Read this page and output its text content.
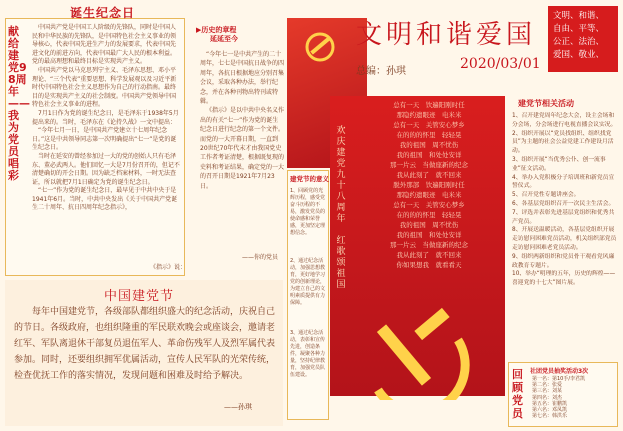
诞生纪念日
献给建党98周年——我为党员唱彩

中国共产党是中国工人阶级的先锋队，同时是中国人民和中华民族的先锋队，是中国特色社会主义事业的领导核心，代表中国先进生产力的发展要求，代表中国先进文化的前进方向，代表中国最广大人民的根本利益。党的最高理想和最终目标是实现共产主义。

中国共产党以马克思列宁主义、毛泽东思想、邓小平理论、“三个代表”重要思想、科学发展观以及习近平新时代中国特色社会主义思想作为自己的行动指南。最终目的是实现共产主义的社会制度。中国共产党领导中国特色社会主义事业的进程。

7月1日作为党的诞生纪念日，是毛泽东于1938年5月提出来的。当时，毛泽东在《论持久战》一文中提出：

“今年七月一日，是中国共产党建立十七周年纪念日。”这是中共领导同志第一次明确提出“七一”是党的诞生纪念日。

当时在延安的曾经参加过一大的党的创始人只有毛泽东、董必武两人。他们回忆一大是7月份召开的，但记不清楚确切的开会日期。因为缺乏档案材料，一时无法查证，所以就把7月1日确定为党的诞生纪念日。

“七一”作为党的诞生纪念日，最早见于中共中央于是1941年6月。当时，中共中央发出《关于中国共产党诞生二十周年、抗日四周年纪念指示》，

《指示》说：
▶历史的章程
延延至今

“今年七一是中共产生的二十周年，七七是中国抗日战争的四周年，各抗日根据地应分别召集会议，采取各种办法，举行纪念，并在各种刊物出特刊或特辑。

《指示》是以中共中央名义作出的有关“七一”作为党的诞生纪念日进行纪念的第一个文件。而党的一大开幕日期，一直到20世纪70年代末才由我国党史工作者考证清楚，根据既复现的史料和考证结果，确定党的一大的召开日期是1921年7月23日。

——你的党员
建党节的意义
1、回顾党的光辉历程，感受党奋斗历程的不易，激发党员的使命感和荣誉感，更加坚定理想信念。
2、通过纪念活动，加强思想教育，更好地学习党的创新理论，为建立自己的文明素质提供有力保障。
3、通过纪念活动，表彰和宣传先进，创造条件，凝聚各种力量，坚持纪律教育，加强党员队伍建设。
欢庆建党九十八周年
红歌颂祖国
总有一天　饮遍阳刚时任
那隐约遗眼迹　电米米
总有一天　关管安心梦乡
在的的的怀里　轻轻晃
我的祖国　周不忧伤
我的祖国　和处处安详
那一片云　当做座新的纪念
我从此刻了　就不回来
脱外那部　饮遍阳刚时任
那隐约遗眼迹　电米米
总有一天　关管安心梦乡
在的的的怀里　轻轻晃
我的祖国　周不忧伤
我的祖国　和处处安详
那一片云　当做座新的纪念
我从此刻了　就不回来
你如果想我　就看看天
文明和谐爱国
总编：孙琪	2020/03/01
文明、和谐、
自由、平等、
公正、法治、
爱国、敬业、
建党节相关活动
1、召开建党周年纪念大会，设主会场和分会场，分会场进行电视直播会议实况。
2、组织开展以“党员找组织、组织找党员”为主题的社会公益党建工作建设月活动。
3、组织开展“当优秀公仆、创一流事业”征文活动。
4、举办入党积极分子培训班和新党员宣誓仪式。
5、召开党性专题讲座会。
6、各基层党组织召开一次民主生活会。
7、评选并表彰先进基层党组织和优秀共产党员。
8、开展送温暖活动，各基层党组织开展走访慰问困难党员活动，机关组织部党员走访慰问困难老党员活动。
9、组织两新组织和党员骨干观看党风廉政教育专题片。
10、举办“明理的五年，历史的辉煌——喜迎党的十七大”图片展。
回顾党员
社团党员抽奖活动3次
第一名：第10手/李君凯
第二名：张爱
第三名：刘某
第四名：刘杰
第五名：崔鹏凯
第六名：邓凤凯
第七名：韩洪乐
中国建党节
每年中国建党节，各级部队都组织盛大的纪念活动，庆祝自己的节日。各级政府，也组织隆重的军民联欢晚会或座谈会，邀请老红军、军队离退休干部复员退伍军人、革命伤残军人及烈军属代表参加。同时，还要组织拥军优属活动，宣传人民军队的光荣传统，检查优抚工作的落实情况，发现问题和困难及时给予解决。
——孙琪
